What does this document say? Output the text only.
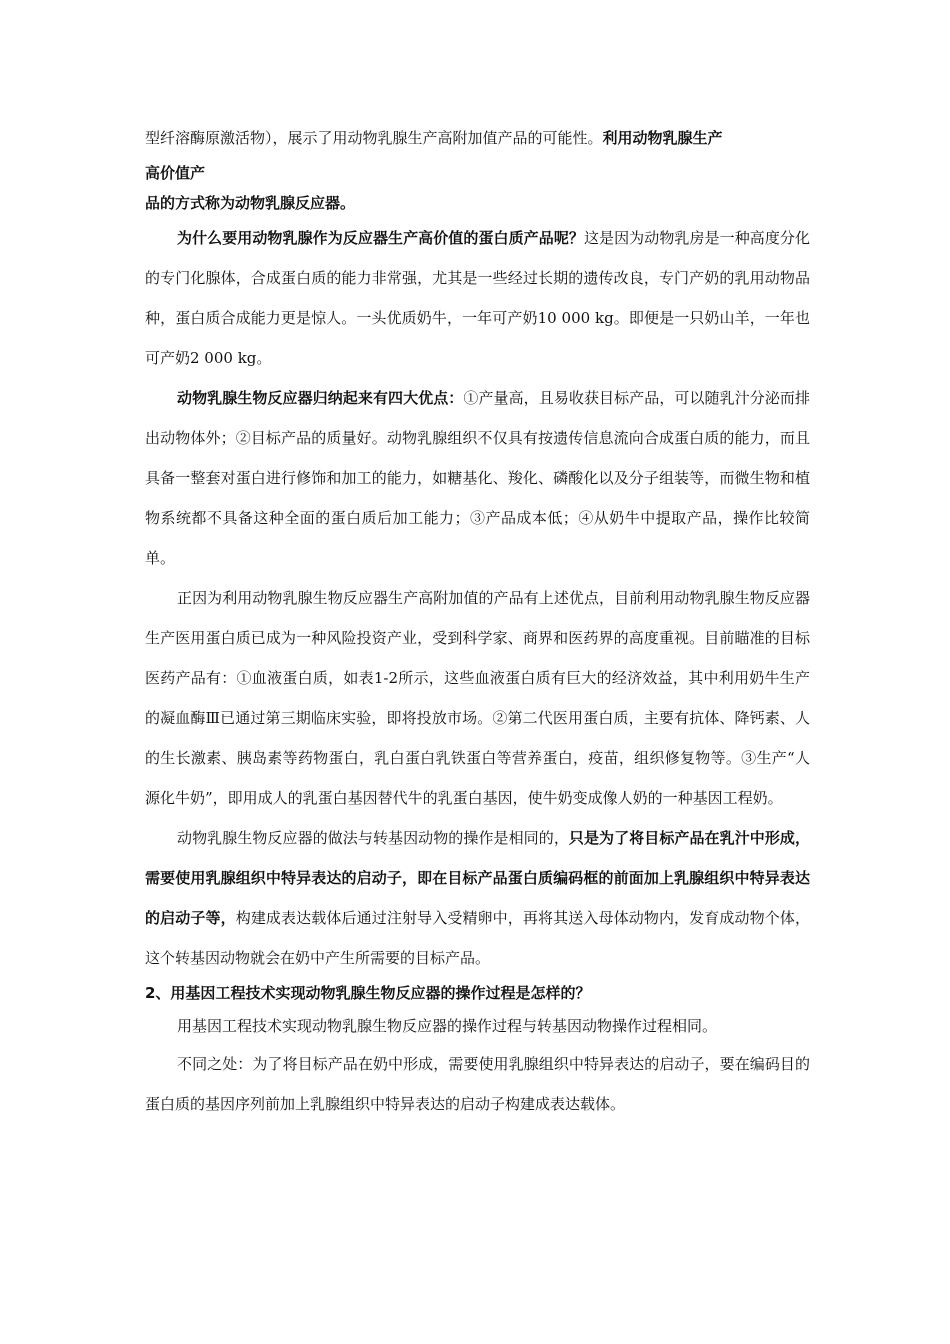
型纤溶酶原激活物），展示了用动物乳腺生产高附加值产品的可能性。利用动物乳腺生产

高价值产

品的方式称为动物乳腺反应器。

为什么要用动物乳腺作为反应器生产高价值的蛋白质产品呢？这是因为动物乳房是一种高度分化的专门化腺体，合成蛋白质的能力非常强，尤其是一些经过长期的遗传改良，专门产奶的乳用动物品种，蛋白质合成能力更是惊人。一头优质奶牛，一年可产奶10 000 kg。即便是一只奶山羊，一年也可产奶2 000 kg。

动物乳腺生物反应器归纳起来有四大优点：①产量高，且易收获目标产品，可以随乳汁分泌而排出动物体外；②目标产品的质量好。动物乳腺组织不仅具有按遗传信息流向合成蛋白质的能力，而且具备一整套对蛋白进行修饰和加工的能力，如糖基化、羧化、磷酸化以及分子组装等，而微生物和植物系统都不具备这种全面的蛋白质后加工能力；③产品成本低；④从奶牛中提取产品，操作比较简单。

正因为利用动物乳腺生物反应器生产高附加值的产品有上述优点，目前利用动物乳腺生物反应器生产医用蛋白质已成为一种风险投资产业，受到科学家、商界和医药界的高度重视。目前瞄准的目标医药产品有：①血液蛋白质，如表1-2所示，这些血液蛋白质有巨大的经济效益，其中利用奶牛生产的凝血酶Ⅲ已通过第三期临床实验，即将投放市场。②第二代医用蛋白质，主要有抗体、降钙素、人的生长激素、胰岛素等药物蛋白，乳白蛋白乳铁蛋白等营养蛋白，疫苗，组织修复物等。③生产“人源化牛奶”，即用成人的乳蛋白基因替代牛的乳蛋白基因，使牛奶变成像人奶的一种基因工程奶。

动物乳腺生物反应器的做法与转基因动物的操作是相同的，只是为了将目标产品在乳汁中形成，需要使用乳腺组织中特异表达的启动子，即在目标产品蛋白质编码框的前面加上乳腺组织中特异表达的启动子等，构建成表达载体后通过注射导入受精卵中，再将其送入母体动物内，发育成动物个体，这个转基因动物就会在奶中产生所需要的目标产品。

2、用基因工程技术实现动物乳腺生物反应器的操作过程是怎样的？

用基因工程技术实现动物乳腺生物反应器的操作过程与转基因动物操作过程相同。

不同之处：为了将目标产品在奶中形成，需要使用乳腺组织中特异表达的启动子，要在编码目的蛋白质的基因序列前加上乳腺组织中特异表达的启动子构建成表达载体。
